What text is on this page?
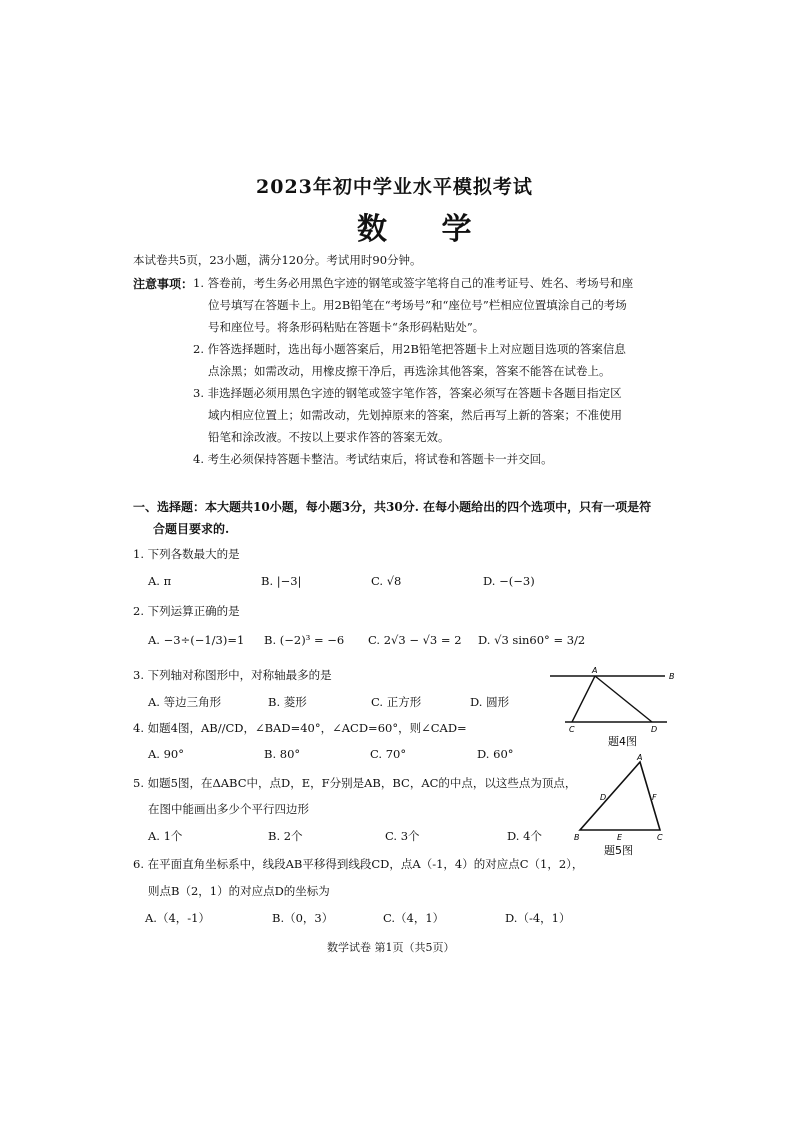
2023年初中学业水平模拟考试
数 学
本试卷共5页，23小题，满分120分。考试用时90分钟。
注意事项： 1. 答卷前，考生务必用黑色字迹的钢笔或签字笔将自己的准考证号、姓名、考场号和座
位号填写在答题卡上。用2B铅笔在“考场号”和“座位号”栏相应位置填涂自己的考场
号和座位号。将条形码粘贴在答题卡“条形码粘贴处”。
2. 作答选择题时，选出每小题答案后，用2B铅笔把答题卡上对应题目选项的答案信息
点涂黑；如需改动，用橡皮擦干净后，再选涂其他答案，答案不能答在试卷上。
3. 非选择题必须用黑色字迹的钢笔或签字笔作答，答案必须写在答题卡各题目指定区
域内相应位置上；如需改动，先划掉原来的答案，然后再写上新的答案；不准使用
铅笔和涂改液。不按以上要求作答的答案无效。
4. 考生必须保持答题卡整洁。考试结束后，将试卷和答题卡一并交回。
一、选择题：本大题共10小题，每小题3分，共30分. 在每小题给出的四个选项中，只有一项是符
合题目要求的.
1. 下列各数最大的是
A. π	B. |−3|	C. √8	D. −(−3)
2. 下列运算正确的是
A. −3÷(−1/3)=1 B. (−2)³ = −6 C. 2√3 − √3 = 2 D. √3 sin60° = 3/2
3. 下列轴对称图形中，对称轴最多的是
A. 等边三角形	B. 菱形	C. 正方形	D. 圆形
4. 如题4图，AB//CD，∠BAD=40°，∠ACD=60°，则∠CAD=
A. 90°	B. 80°	C. 70°	D. 60°
5. 如题5图，在ΔABC中，点D，E，F分别是AB，BC，AC的中点，以这些点为顶点，
在图中能画出多少个平行四边形
A. 1个	B. 2个	C. 3个	D. 4个
6. 在平面直角坐标系中，线段AB平移得到线段CD，点A（-1，4）的对应点C（1，2），
则点B（2，1）的对应点D的坐标为
A.（4，-1）	B.（0，3）	C.（4，1）	D.（-4，1）
A
B
C	D
题4图
A
B	C
D
E
F
题5图
数学试卷 第1页（共5页）
